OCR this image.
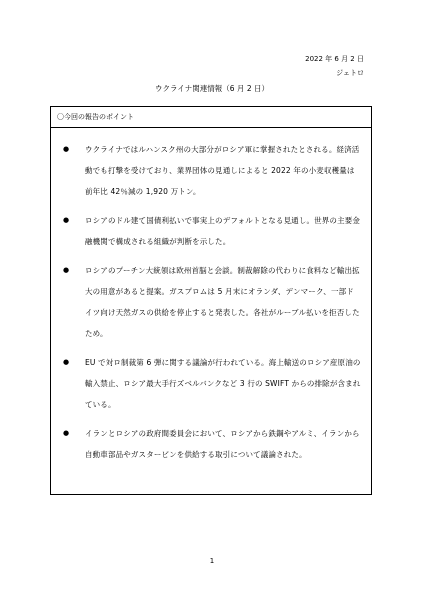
2022 年 6 月 2 日

ジェトロ

ウクライナ関連情報（6 月 2 日）

〇今回の報告のポイント

● ウクライナではルハンスク州の大部分がロシア軍に掌握されたとされる。経済活動でも打撃を受けており、業界団体の見通しによると 2022 年の小麦収穫量は前年比 42％減の 1,920 万トン。
● ロシアのドル建て国債利払いで事実上のデフォルトとなる見通し。世界の主要金融機関で構成される組織が判断を示した。
● ロシアのプーチン大統領は欧州首脳と会談。制裁解除の代わりに食料など輸出拡大の用意があると提案。ガスプロムは 5 月末にオランダ、デンマーク、一部ドイツ向け天然ガスの供給を停止すると発表した。各社がルーブル払いを拒否したため。
● EU で対ロ制裁第 6 弾に関する議論が行われている。海上輸送のロシア産原油の輸入禁止、ロシア最大手行ズベルバンクなど 3 行の SWIFT からの排除が含まれている。
● イランとロシアの政府間委員会において、ロシアから鉄鋼やアルミ、イランから自動車部品やガスタービンを供給する取引について議論された。

1
